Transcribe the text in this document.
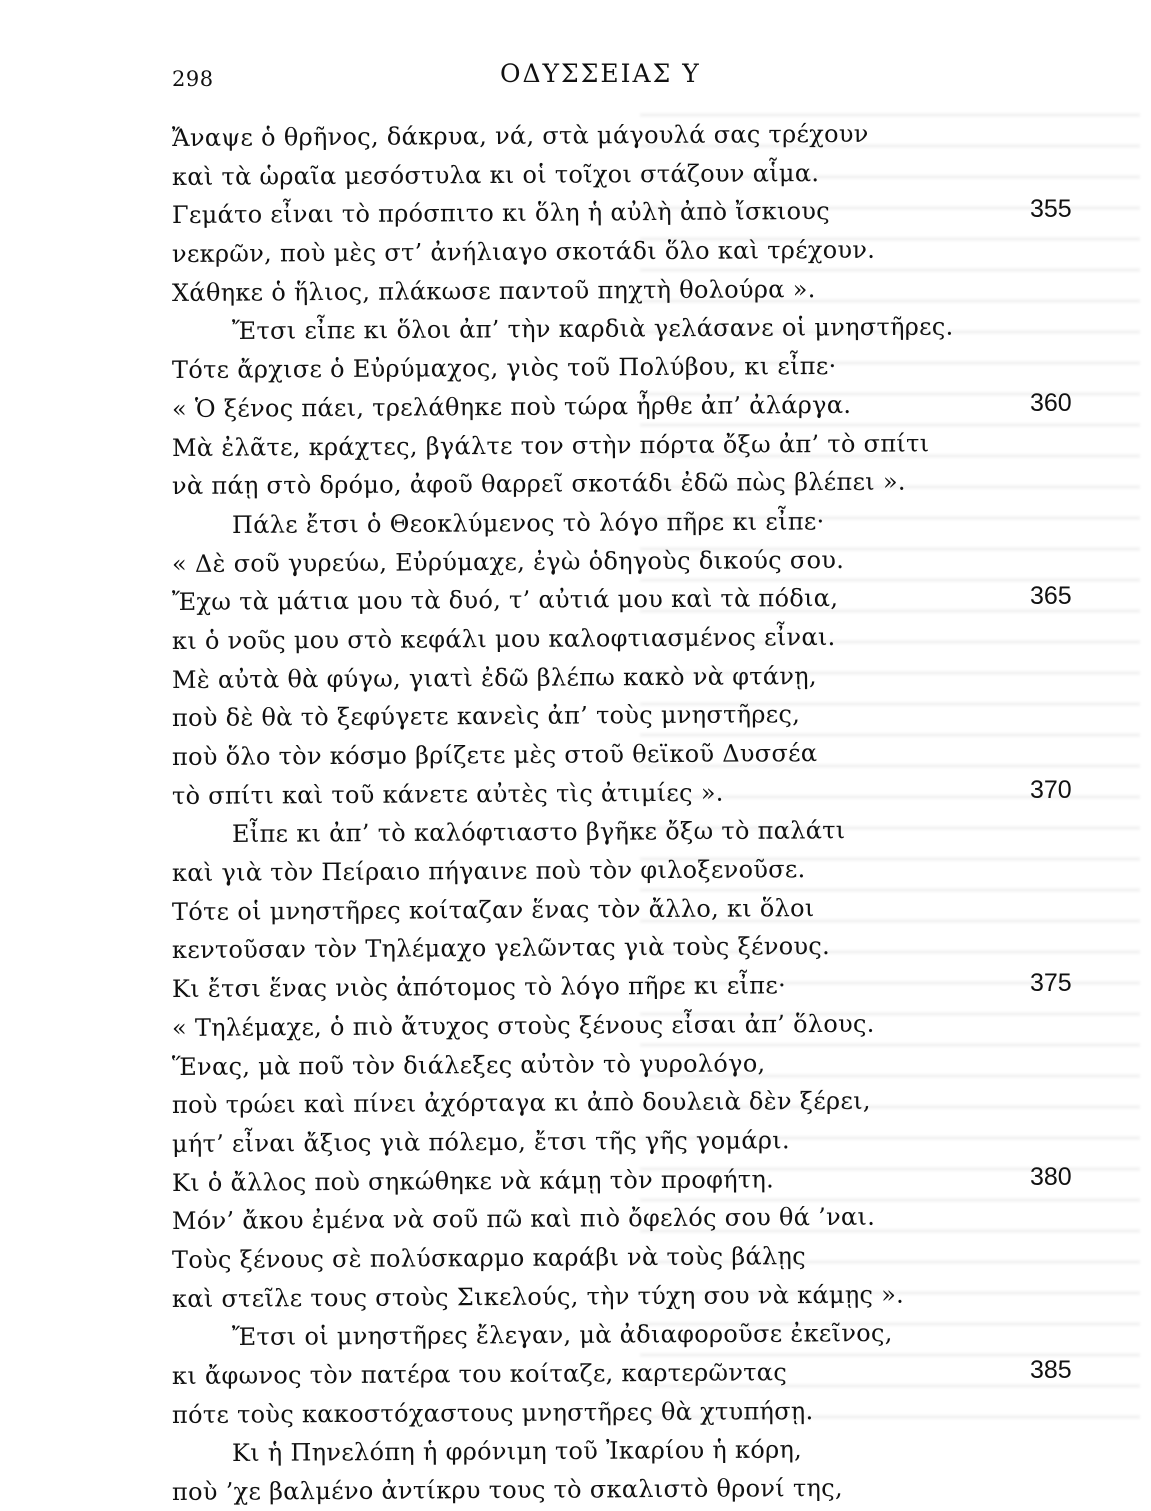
298	ΟΔΥΣΣΕΙΑΣ Υ
Ἄναψε ὁ θρῆνος, δάκρυα, νά, στὰ μάγουλά σας τρέχουν
καὶ τὰ ὡραῖα μεσόστυλα κι οἱ τοῖχοι στάζουν αἷμα.
Γεμάτο εἶναι τὸ πρόσπιτο κι ὅλη ἡ αὐλὴ ἀπὸ ἴσκιους	355
νεκρῶν, ποὺ μὲς στ’ ἀνήλιαγο σκοτάδι ὅλο καὶ τρέχουν.
Χάθηκε ὁ ἥλιος, πλάκωσε παντοῦ πηχτὴ θολούρα ».
Ἔτσι εἶπε κι ὅλοι ἀπ’ τὴν καρδιὰ γελάσανε οἱ μνηστῆρες.
Τότε ἄρχισε ὁ Εὐρύμαχος, γιὸς τοῦ Πολύβου, κι εἶπε·
« Ὁ ξένος πάει, τρελάθηκε ποὺ τώρα ἦρθε ἀπ’ ἀλάργα.	360
Μὰ ἐλᾶτε, κράχτες, βγάλτε τον στὴν πόρτα ὄξω ἀπ’ τὸ σπίτι
νὰ πάῃ στὸ δρόμο, ἀφοῦ θαρρεῖ σκοτάδι ἐδῶ πὼς βλέπει ».
Πάλε ἔτσι ὁ Θεοκλύμενος τὸ λόγο πῆρε κι εἶπε·
« Δὲ σοῦ γυρεύω, Εὐρύμαχε, ἐγὼ ὁδηγοὺς δικούς σου.
Ἔχω τὰ μάτια μου τὰ δυό, τ’ αὐτιά μου καὶ τὰ πόδια,	365
κι ὁ νοῦς μου στὸ κεφάλι μου καλοφτιασμένος εἶναι.
Μὲ αὐτὰ θὰ φύγω, γιατὶ ἐδῶ βλέπω κακὸ νὰ φτάνῃ,
ποὺ δὲ θὰ τὸ ξεφύγετε κανεὶς ἀπ’ τοὺς μνηστῆρες,
ποὺ ὅλο τὸν κόσμο βρίζετε μὲς στοῦ θεϊκοῦ Δυσσέα
τὸ σπίτι καὶ τοῦ κάνετε αὐτὲς τὶς ἀτιμίες ».	370
Εἶπε κι ἀπ’ τὸ καλόφτιαστο βγῆκε ὄξω τὸ παλάτι
καὶ γιὰ τὸν Πείραιο πήγαινε ποὺ τὸν φιλοξενοῦσε.
Τότε οἱ μνηστῆρες κοίταζαν ἕνας τὸν ἄλλο, κι ὅλοι
κεντοῦσαν τὸν Τηλέμαχο γελῶντας γιὰ τοὺς ξένους.
Κι ἔτσι ἕνας νιὸς ἀπότομος τὸ λόγο πῆρε κι εἶπε·	375
« Τηλέμαχε, ὁ πιὸ ἄτυχος στοὺς ξένους εἶσαι ἀπ’ ὅλους.
Ἕνας, μὰ ποῦ τὸν διάλεξες αὐτὸν τὸ γυρολόγο,
ποὺ τρώει καὶ πίνει ἀχόρταγα κι ἀπὸ δουλειὰ δὲν ξέρει,
μήτ’ εἶναι ἄξιος γιὰ πόλεμο, ἔτσι τῆς γῆς γομάρι.
Κι ὁ ἄλλος ποὺ σηκώθηκε νὰ κάμῃ τὸν προφήτη.	380
Μόν’ ἄκου ἐμένα νὰ σοῦ πῶ καὶ πιὸ ὄφελός σου θά ’ναι.
Τοὺς ξένους σὲ πολύσκαρμο καράβι νὰ τοὺς βάλῃς
καὶ στεῖλε τους στοὺς Σικελούς, τὴν τύχη σου νὰ κάμῃς ».
Ἔτσι οἱ μνηστῆρες ἔλεγαν, μὰ ἀδιαφοροῦσε ἐκεῖνος,
κι ἄφωνος τὸν πατέρα του κοίταζε, καρτερῶντας	385
πότε τοὺς κακοστόχαστους μνηστῆρες θὰ χτυπήσῃ.
Κι ἡ Πηνελόπη ἡ φρόνιμη τοῦ Ἰκαρίου ἡ κόρη,
ποὺ ’χε βαλμένο ἀντίκρυ τους τὸ σκαλιστὸ θρονί της,
